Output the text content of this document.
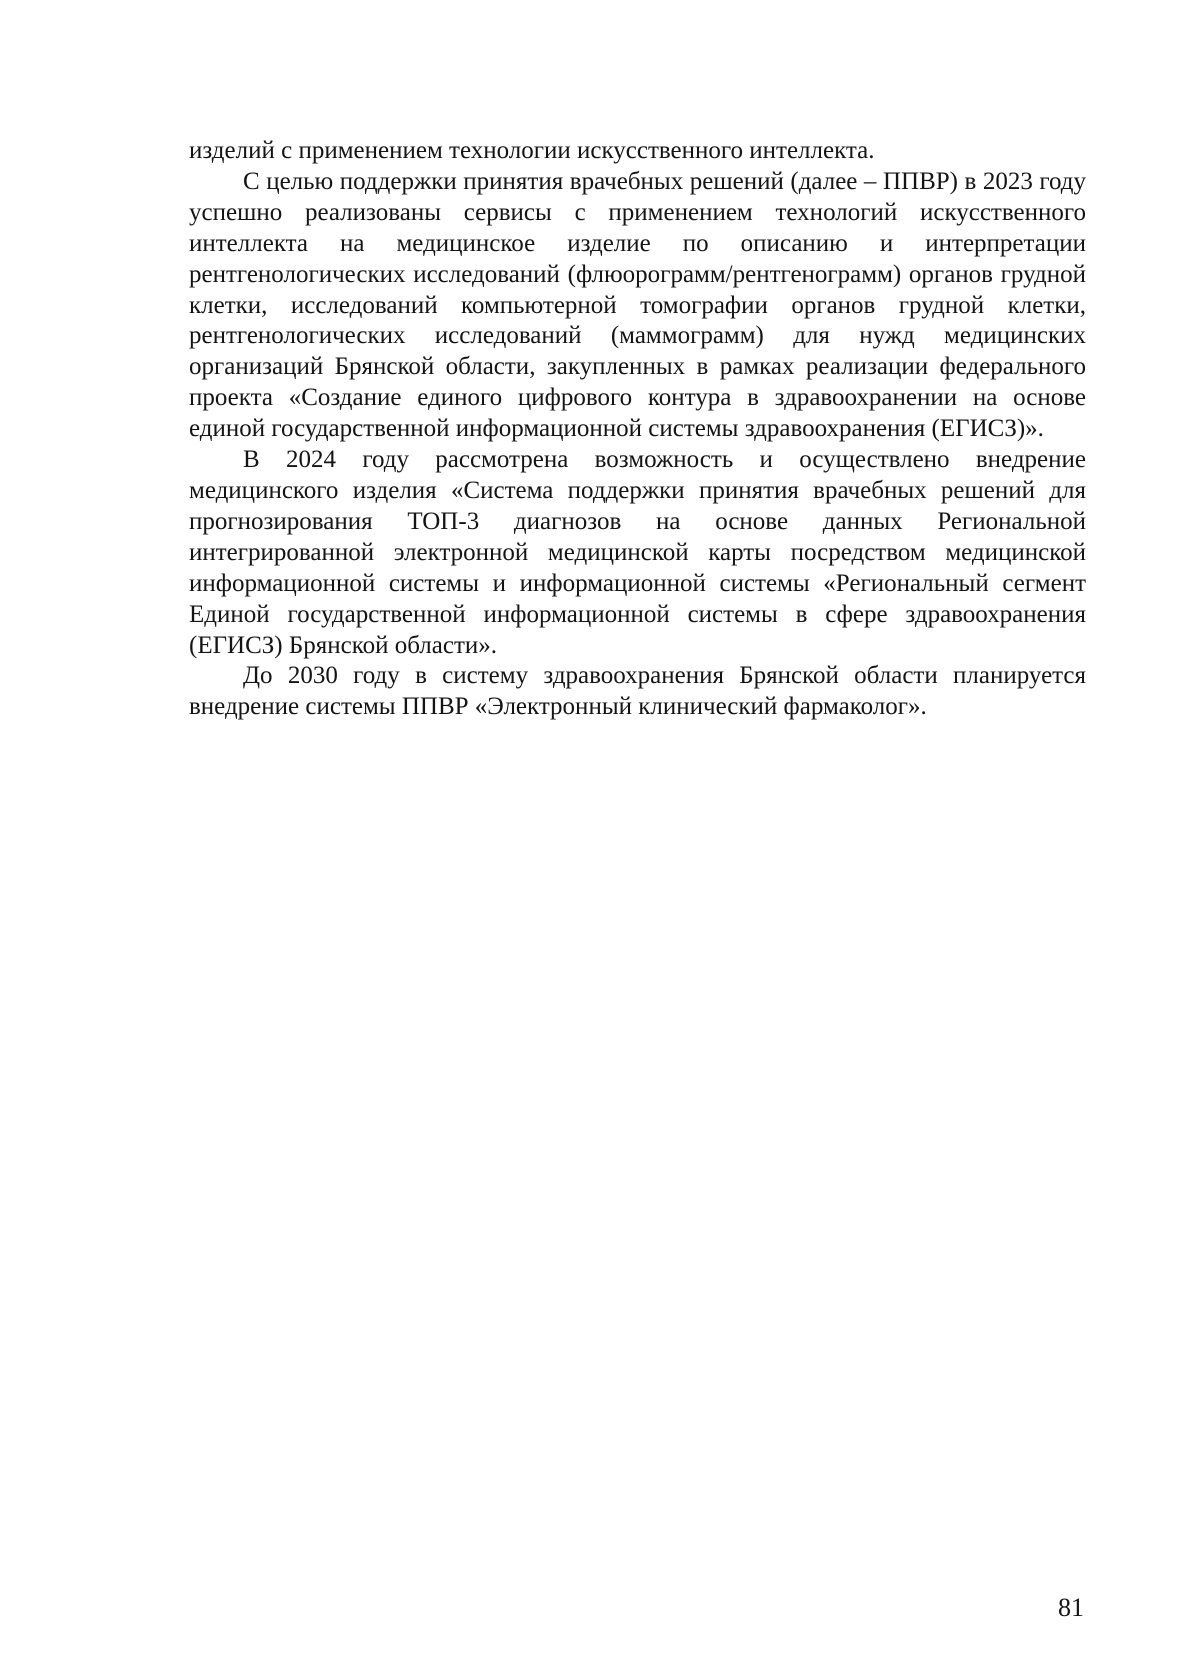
изделий с применением технологии искусственного интеллекта.

С целью поддержки принятия врачебных решений (далее – ППВР) в 2023 году успешно реализованы сервисы с применением технологий искусственного интеллекта на медицинское изделие по описанию и интерпретации рентгенологических исследований (флюорограмм/рентгенограмм) органов грудной клетки, исследований компьютерной томографии органов грудной клетки, рентгенологических исследований (маммограмм) для нужд медицинских организаций Брянской области, закупленных в рамках реализации федерального проекта «Создание единого цифрового контура в здравоохранении на основе единой государственной информационной системы здравоохранения (ЕГИСЗ)».

В 2024 году рассмотрена возможность и осуществлено внедрение медицинского изделия «Система поддержки принятия врачебных решений для прогнозирования ТОП-3 диагнозов на основе данных Региональной интегрированной электронной медицинской карты посредством медицинской информационной системы и информационной системы «Региональный сегмент Единой государственной информационной системы в сфере здравоохранения (ЕГИСЗ) Брянской области».

До 2030 году в систему здравоохранения Брянской области планируется внедрение системы ППВР «Электронный клинический фармаколог».

81
